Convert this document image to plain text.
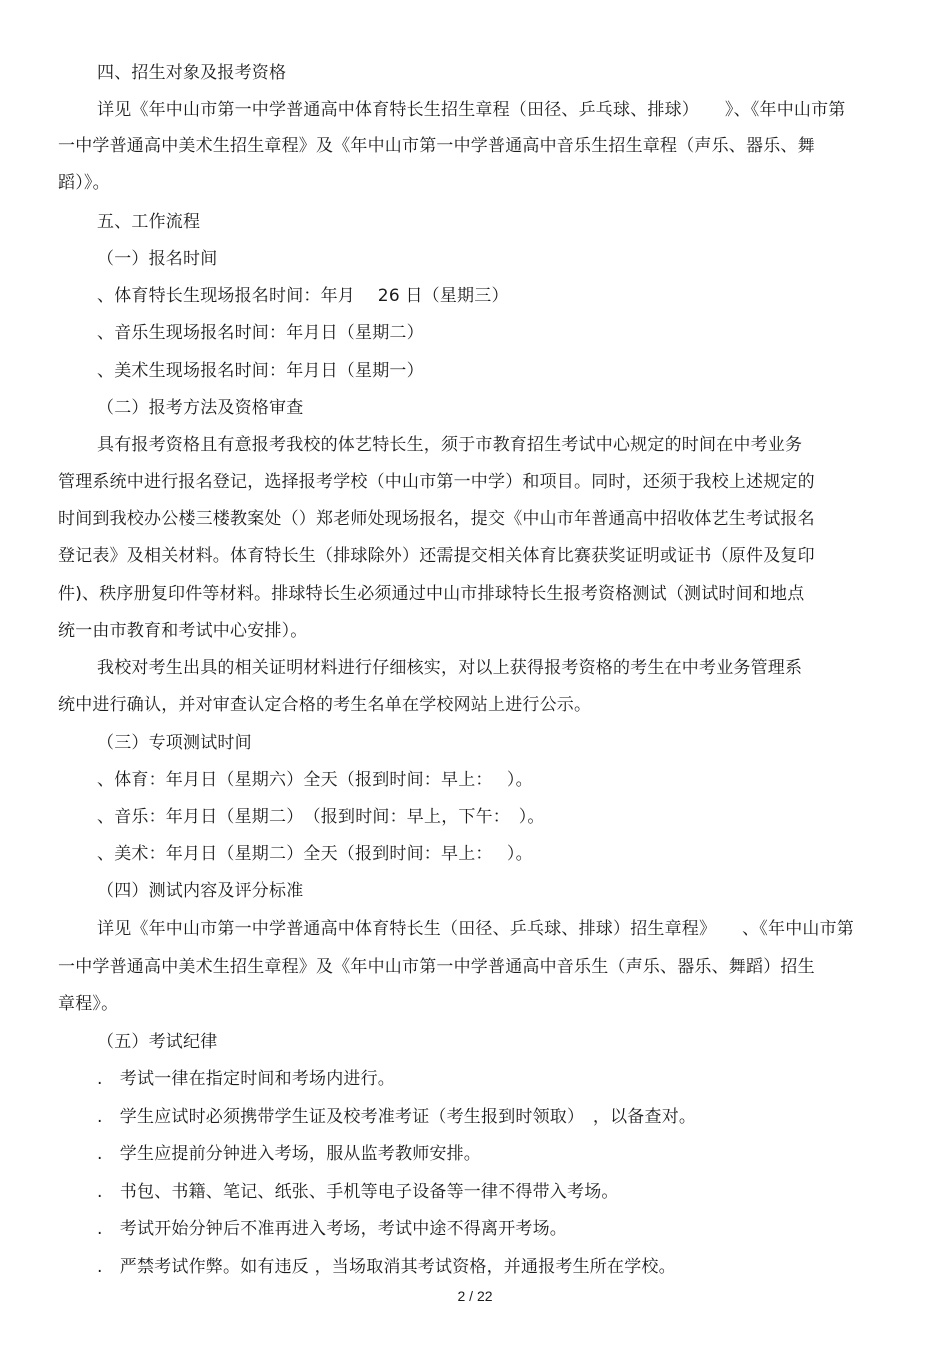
四、招生对象及报考资格
详见《年中山市第一中学普通高中体育特长生招生章程（田径、乒乓球、排球）　　》、《年中山市第
一中学普通高中美术生招生章程》及《年中山市第一中学普通高中音乐生招生章程（声乐、器乐、舞
蹈）》。
五、工作流程
（一）报名时间
、体育特长生现场报名时间：年月　 26 日（星期三）
、音乐生现场报名时间：年月日（星期二）
、美术生现场报名时间：年月日（星期一）
（二）报考方法及资格审查
具有报考资格且有意报考我校的体艺特长生，须于市教育招生考试中心规定的时间在中考业务
管理系统中进行报名登记，选择报考学校（中山市第一中学）和项目。同时，还须于我校上述规定的
时间到我校办公楼三楼教案处（）郑老师处现场报名，提交《中山市年普通高中招收体艺生考试报名
登记表》及相关材料。体育特长生（排球除外）还需提交相关体育比赛获奖证明或证书（原件及复印
件)、秩序册复印件等材料。排球特长生必须通过中山市排球特长生报考资格测试（测试时间和地点
统一由市教育和考试中心安排）。
我校对考生出具的相关证明材料进行仔细核实，对以上获得报考资格的考生在中考业务管理系
统中进行确认，并对审查认定合格的考生名单在学校网站上进行公示。
（三）专项测试时间
、体育：年月日（星期六）全天（报到时间：早上：　 ）。
、音乐：年月日（星期二）　（报到时间：早上，下午：　）。
、美术：年月日（星期二）全天（报到时间：早上：　 ）。
（四）测试内容及评分标准
详见《年中山市第一中学普通高中体育特长生（田径、乒乓球、排球）招生章程》　　、《年中山市第
一中学普通高中美术生招生章程》及《年中山市第一中学普通高中音乐生（声乐、器乐、舞蹈）招生
章程》。
（五）考试纪律
.　考试一律在指定时间和考场内进行。
.　学生应试时必须携带学生证及校考准考证（考生报到时领取）　，以备查对。
.　学生应提前分钟进入考场，服从监考教师安排。
.　书包、书籍、笔记、纸张、手机等电子设备等一律不得带入考场。
.　考试开始分钟后不准再进入考场，考试中途不得离开考场。
.　严禁考试作弊。如有违反 ，当场取消其考试资格，并通报考生所在学校。
2 / 22
